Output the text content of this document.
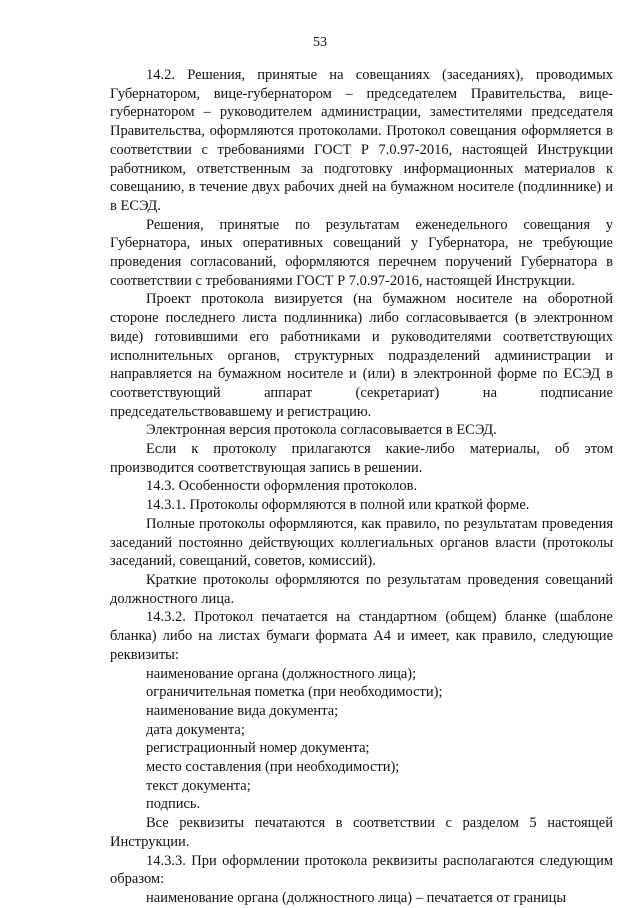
53

14.2. Решения, принятые на совещаниях (заседаниях), проводимых Губернатором, вице-губернатором – председателем Правительства, вице-губернатором – руководителем администрации, заместителями председателя Правительства, оформляются протоколами. Протокол совещания оформляется в соответствии с требованиями ГОСТ Р 7.0.97-2016, настоящей Инструкции работником, ответственным за подготовку информационных материалов к совещанию, в течение двух рабочих дней на бумажном носителе (подлиннике) и в ЕСЭД.

Решения, принятые по результатам еженедельного совещания у Губернатора, иных оперативных совещаний у Губернатора, не требующие проведения согласований, оформляются перечнем поручений Губернатора в соответствии с требованиями ГОСТ Р 7.0.97-2016, настоящей Инструкции.

Проект протокола визируется (на бумажном носителе на оборотной стороне последнего листа подлинника) либо согласовывается (в электронном виде) готовившими его работниками и руководителями соответствующих исполнительных органов, структурных подразделений администрации и направляется на бумажном носителе и (или) в электронной форме по ЕСЭД в соответствующий аппарат (секретариат) на подписание председательствовавшему и регистрацию.

Электронная версия протокола согласовывается в ЕСЭД.

Если к протоколу прилагаются какие-либо материалы, об этом производится соответствующая запись в решении.

14.3. Особенности оформления протоколов.

14.3.1. Протоколы оформляются в полной или краткой форме.

Полные протоколы оформляются, как правило, по результатам проведения заседаний постоянно действующих коллегиальных органов власти (протоколы заседаний, совещаний, советов, комиссий).

Краткие протоколы оформляются по результатам проведения совещаний должностного лица.

14.3.2. Протокол печатается на стандартном (общем) бланке (шаблоне бланка) либо на листах бумаги формата А4 и имеет, как правило, следующие реквизиты:

наименование органа (должностного лица);

ограничительная пометка (при необходимости);

наименование вида документа;

дата документа;

регистрационный номер документа;

место составления (при необходимости);

текст документа;

подпись.

Все реквизиты печатаются в соответствии с разделом 5 настоящей Инструкции.

14.3.3. При оформлении протокола реквизиты располагаются следующим образом:

наименование органа (должностного лица) – печатается от границы
